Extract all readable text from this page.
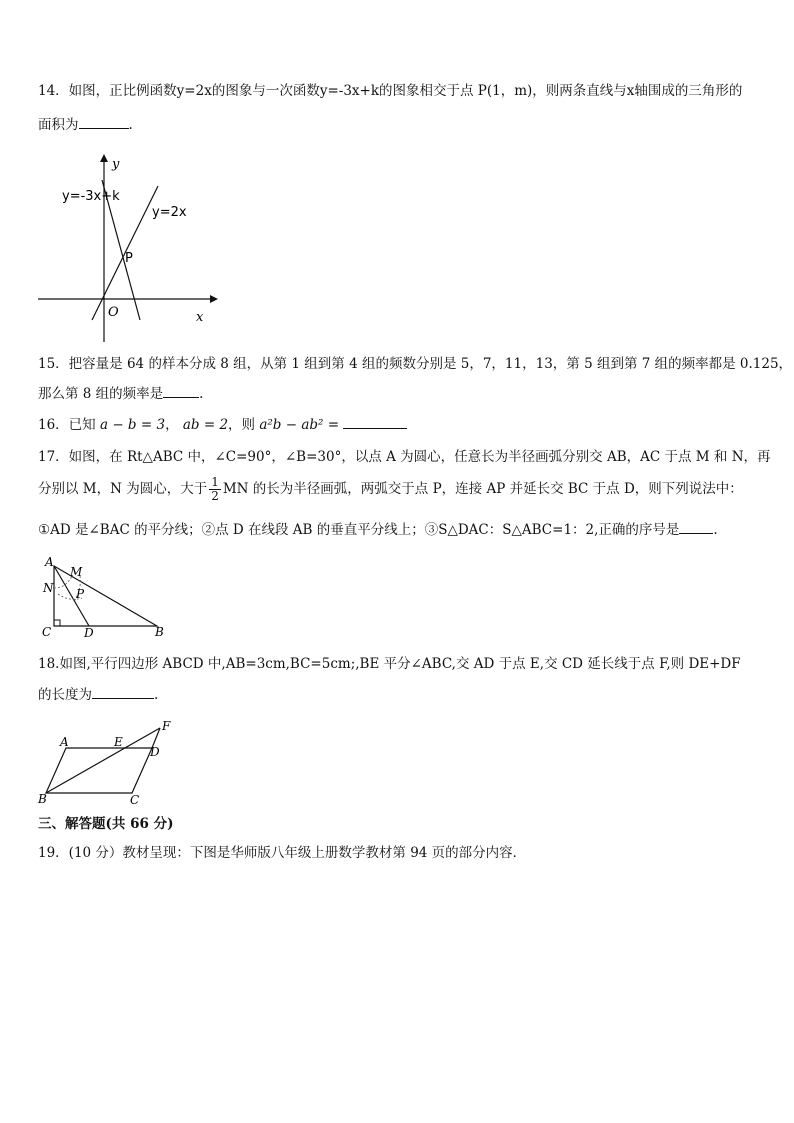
14．如图，正比例函数y=2x的图象与一次函数y=-3x+k的图象相交于点 P(1，m)，则两条直线与x轴围成的三角形的
面积为	.
y
y=-3x+k
y=2x
P
O	x
15．把容量是 64 的样本分成 8 组，从第 1 组到第 4 组的频数分别是 5，7，11，13，第 5 组到第 7 组的频率都是 0.125，
那么第 8 组的频率是	.
16．已知 a − b = 3， ab = 2，则 a²b − ab² =
17．如图，在 Rt△ABC 中，∠C=90°，∠B=30°，以点 A 为圆心，任意长为半径画弧分别交 AB，AC 于点 M 和 N，再
分别以 M，N 为圆心，大于 $\frac{1}{2}$ MN 的长为半径画弧，两弧交于点 P，连接 AP 并延长交 BC 于点 D，则下列说法中：
①AD 是∠BAC 的平分线；②点 D 在线段 AB 的垂直平分线上；③S△DAC：S△ABC=1：2,正确的序号是	.
A
M
N P
C	D	B
18.如图,平行四边形 ABCD 中,AB=3cm,BC=5cm;,BE 平分∠ABC,交 AD 于点 E,交 CD 延长线于点 F,则 DE+DF
的长度为	.
A	E
D
F
B	C
三、解答题(共 66 分)
19．(10 分）教材呈现：下图是华师版八年级上册数学教材第 94 页的部分内容．
